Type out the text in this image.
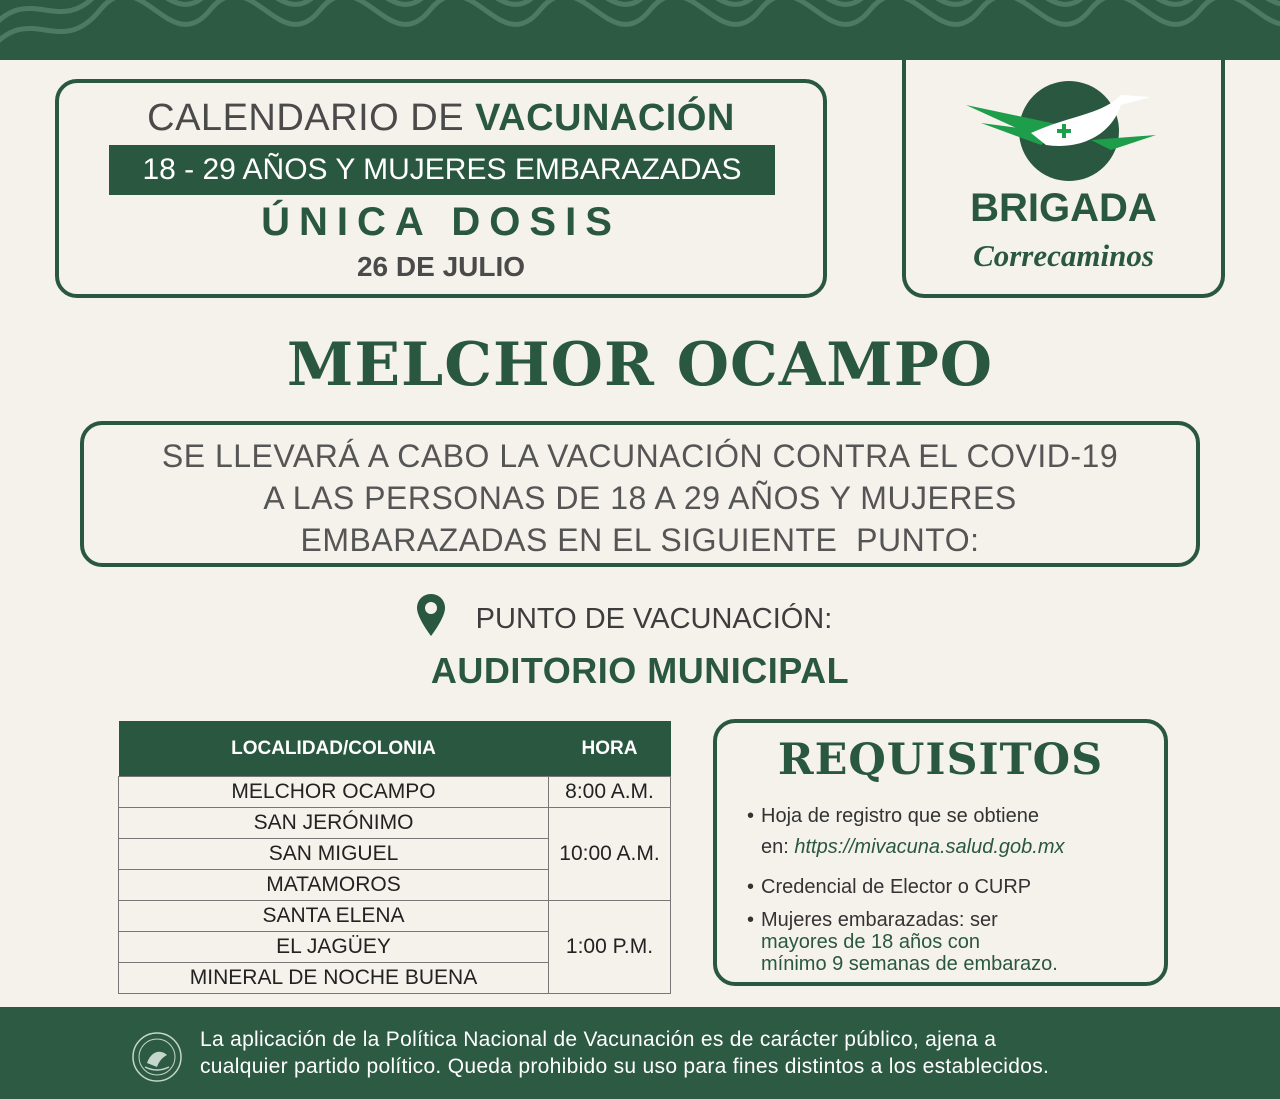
CALENDARIO DE VACUNACIÓN
18 - 29 AÑOS Y MUJERES EMBARAZADAS
ÚNICA DOSIS
26 DE JULIO
BRIGADA
Correcaminos
MELCHOR OCAMPO
SE LLEVARÁ A CABO LA VACUNACIÓN CONTRA EL COVID-19
A LAS PERSONAS DE 18 A 29 AÑOS Y MUJERES
EMBARAZADAS EN EL SIGUIENTE  PUNTO:
PUNTO DE VACUNACIÓN:
AUDITORIO MUNICIPAL
LOCALIDAD/COLONIA	HORA
MELCHOR OCAMPO	8:00 A.M.
SAN JERÓNIMO	10:00 A.M.
SAN MIGUEL	
MATAMOROS	
SANTA ELENA	1:00 P.M.
EL JAGÜEY	
MINERAL DE NOCHE BUENA	
REQUISITOS
• Hoja de registro que se obtiene
en: https://mivacuna.salud.gob.mx
• Credencial de Elector o CURP
• Mujeres embarazadas: ser
mayores de 18 años con
mínimo 9 semanas de embarazo.
La aplicación de la Política Nacional de Vacunación es de carácter público, ajena a
cualquier partido político. Queda prohibido su uso para fines distintos a los establecidos.
